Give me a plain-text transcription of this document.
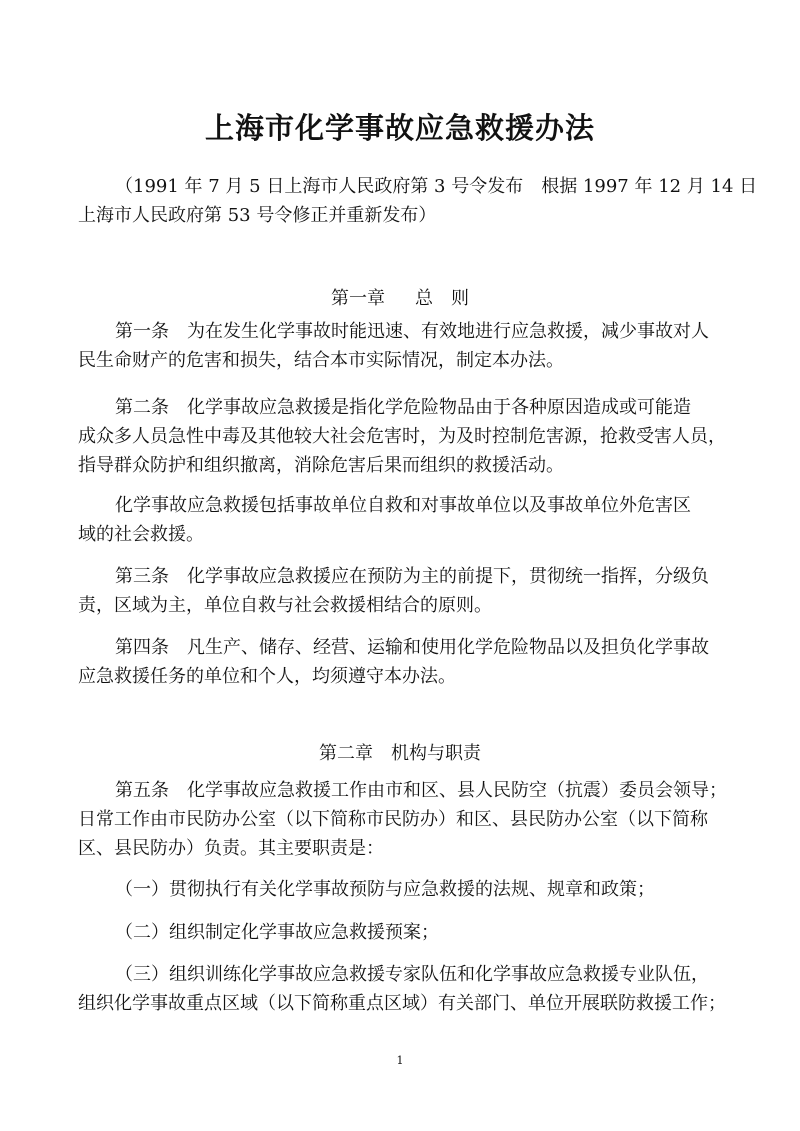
上海市化学事故应急救援办法
（1991 年 7 月 5 日上海市人民政府第 3 号令发布　根据 1997 年 12 月 14 日
上海市人民政府第 53 号令修正并重新发布）
第一章 总　则
第一条 为在发生化学事故时能迅速、有效地进行应急救援，减少事故对人
民生命财产的危害和损失，结合本市实际情况，制定本办法。
第二条 化学事故应急救援是指化学危险物品由于各种原因造成或可能造
成众多人员急性中毒及其他较大社会危害时，为及时控制危害源，抢救受害人员，
指导群众防护和组织撤离，消除危害后果而组织的救援活动。
化学事故应急救援包括事故单位自救和对事故单位以及事故单位外危害区
域的社会救援。
第三条 化学事故应急救援应在预防为主的前提下，贯彻统一指挥，分级负
责，区域为主，单位自救与社会救援相结合的原则。
第四条 凡生产、储存、经营、运输和使用化学危险物品以及担负化学事故
应急救援任务的单位和个人，均须遵守本办法。
第二章 机构与职责
第五条 化学事故应急救援工作由市和区、县人民防空（抗震）委员会领导；
日常工作由市民防办公室（以下简称市民防办）和区、县民防办公室（以下简称
区、县民防办）负责。其主要职责是：
（一）贯彻执行有关化学事故预防与应急救援的法规、规章和政策；
（二）组织制定化学事故应急救援预案；
（三）组织训练化学事故应急救援专家队伍和化学事故应急救援专业队伍，
组织化学事故重点区域（以下简称重点区域）有关部门、单位开展联防救援工作；
1
